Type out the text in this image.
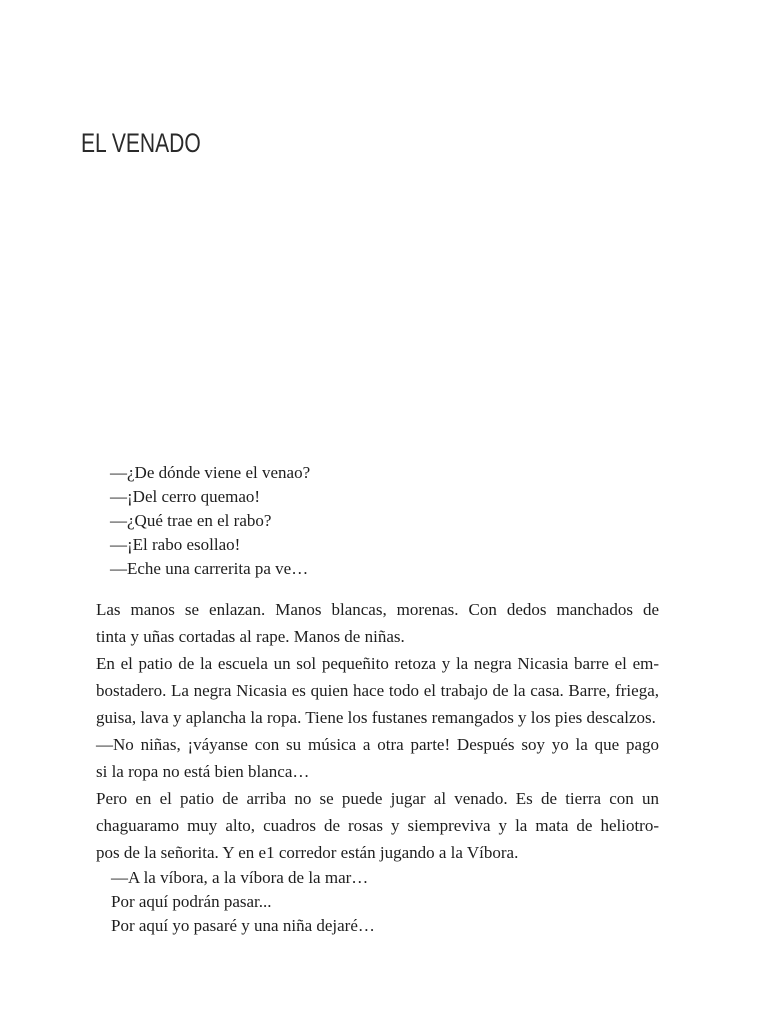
EL VENADO
—¿De dónde viene el venao?
—¡Del cerro quemao!
—¿Qué trae en el rabo?
—¡El rabo esollao!
—Eche una carrerita pa ve…

Las manos se enlazan. Manos blancas, morenas. Con dedos manchados de
tinta y uñas cortadas al rape. Manos de niñas.

En el patio de la escuela un sol pequeñito retoza y la negra Nicasia barre el em-
bostadero. La negra Nicasia es quien hace todo el trabajo de la casa. Barre, friega,
guisa, lava y aplancha la ropa. Tiene los fustanes remangados y los pies descalzos.

—No niñas, ¡váyanse con su música a otra parte! Después soy yo la que pago
si la ropa no está bien blanca…

Pero en el patio de arriba no se puede jugar al venado. Es de tierra con un
chaguaramo muy alto, cuadros de rosas y siempreviva y la mata de heliotro-
pos de la señorita. Y en e1 corredor están jugando a la Víbora.

—A la víbora, a la víbora de la mar…
Por aquí podrán pasar...
Por aquí yo pasaré y una niña dejaré…
